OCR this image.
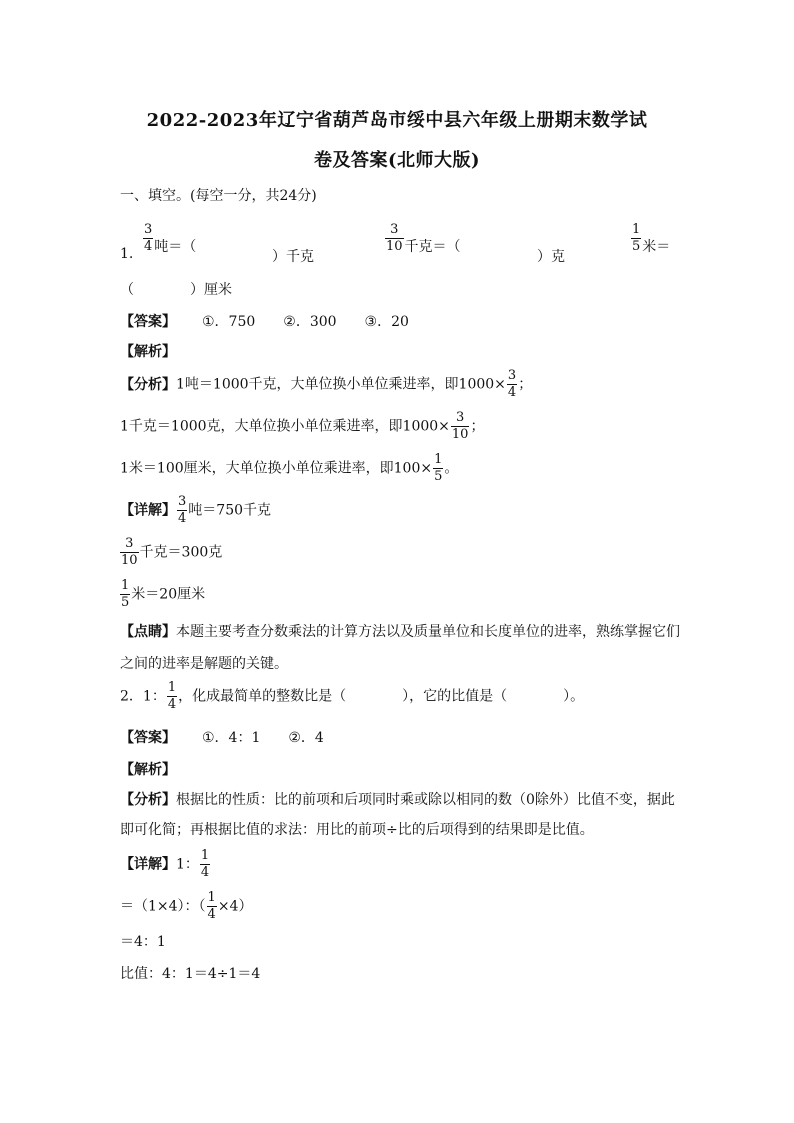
2022-2023年辽宁省葫芦岛市绥中县六年级上册期末数学试
卷及答案(北师大版)
一、填空。(每空一分，共24分)
1. $\frac{3}{4}$ 吨＝（
）千克
$\frac{3}{10}$ 千克＝（
）克
$\frac{1}{5}$ 米＝
（　　　　）厘米
【答案】 ①．750　　②．300　　③．20
【解析】
【分析】1吨＝1000千克，大单位换小单位乘进率，即$1000\times \frac{3}{4}$ ；
1千克＝1000克，大单位换小单位乘进率，即$1000\times \frac{3}{10}$ ；
1米＝100厘米，大单位换小单位乘进率，即$100\times \frac{1}{5}$ 。
【详解】 $\frac{3}{4}$ 吨＝750千克
$\frac{3}{10}$ 千克＝300克
$\frac{1}{5}$ 米＝20厘米
【点睛】本题主要考查分数乘法的计算方法以及质量单位和长度单位的进率，熟练掌握它们
之间的进率是解题的关键。
2．1： $\frac{1}{4}$ ，化成最简单的整数比是（　　　　），它的比值是（　　　　）。
【答案】 ①．4：1　　②．4
【解析】
【分析】根据比的性质：比的前项和后项同时乘或除以相同的数（0除外）比值不变，据此
即可化简；再根据比值的求法：用比的前项÷比的后项得到的结果即是比值。
【详解】1： $\frac{1}{4}$
＝（1×4）：（ $\frac{1}{4} \times 4$）
＝4：1
比值：4：1＝4÷1＝4
